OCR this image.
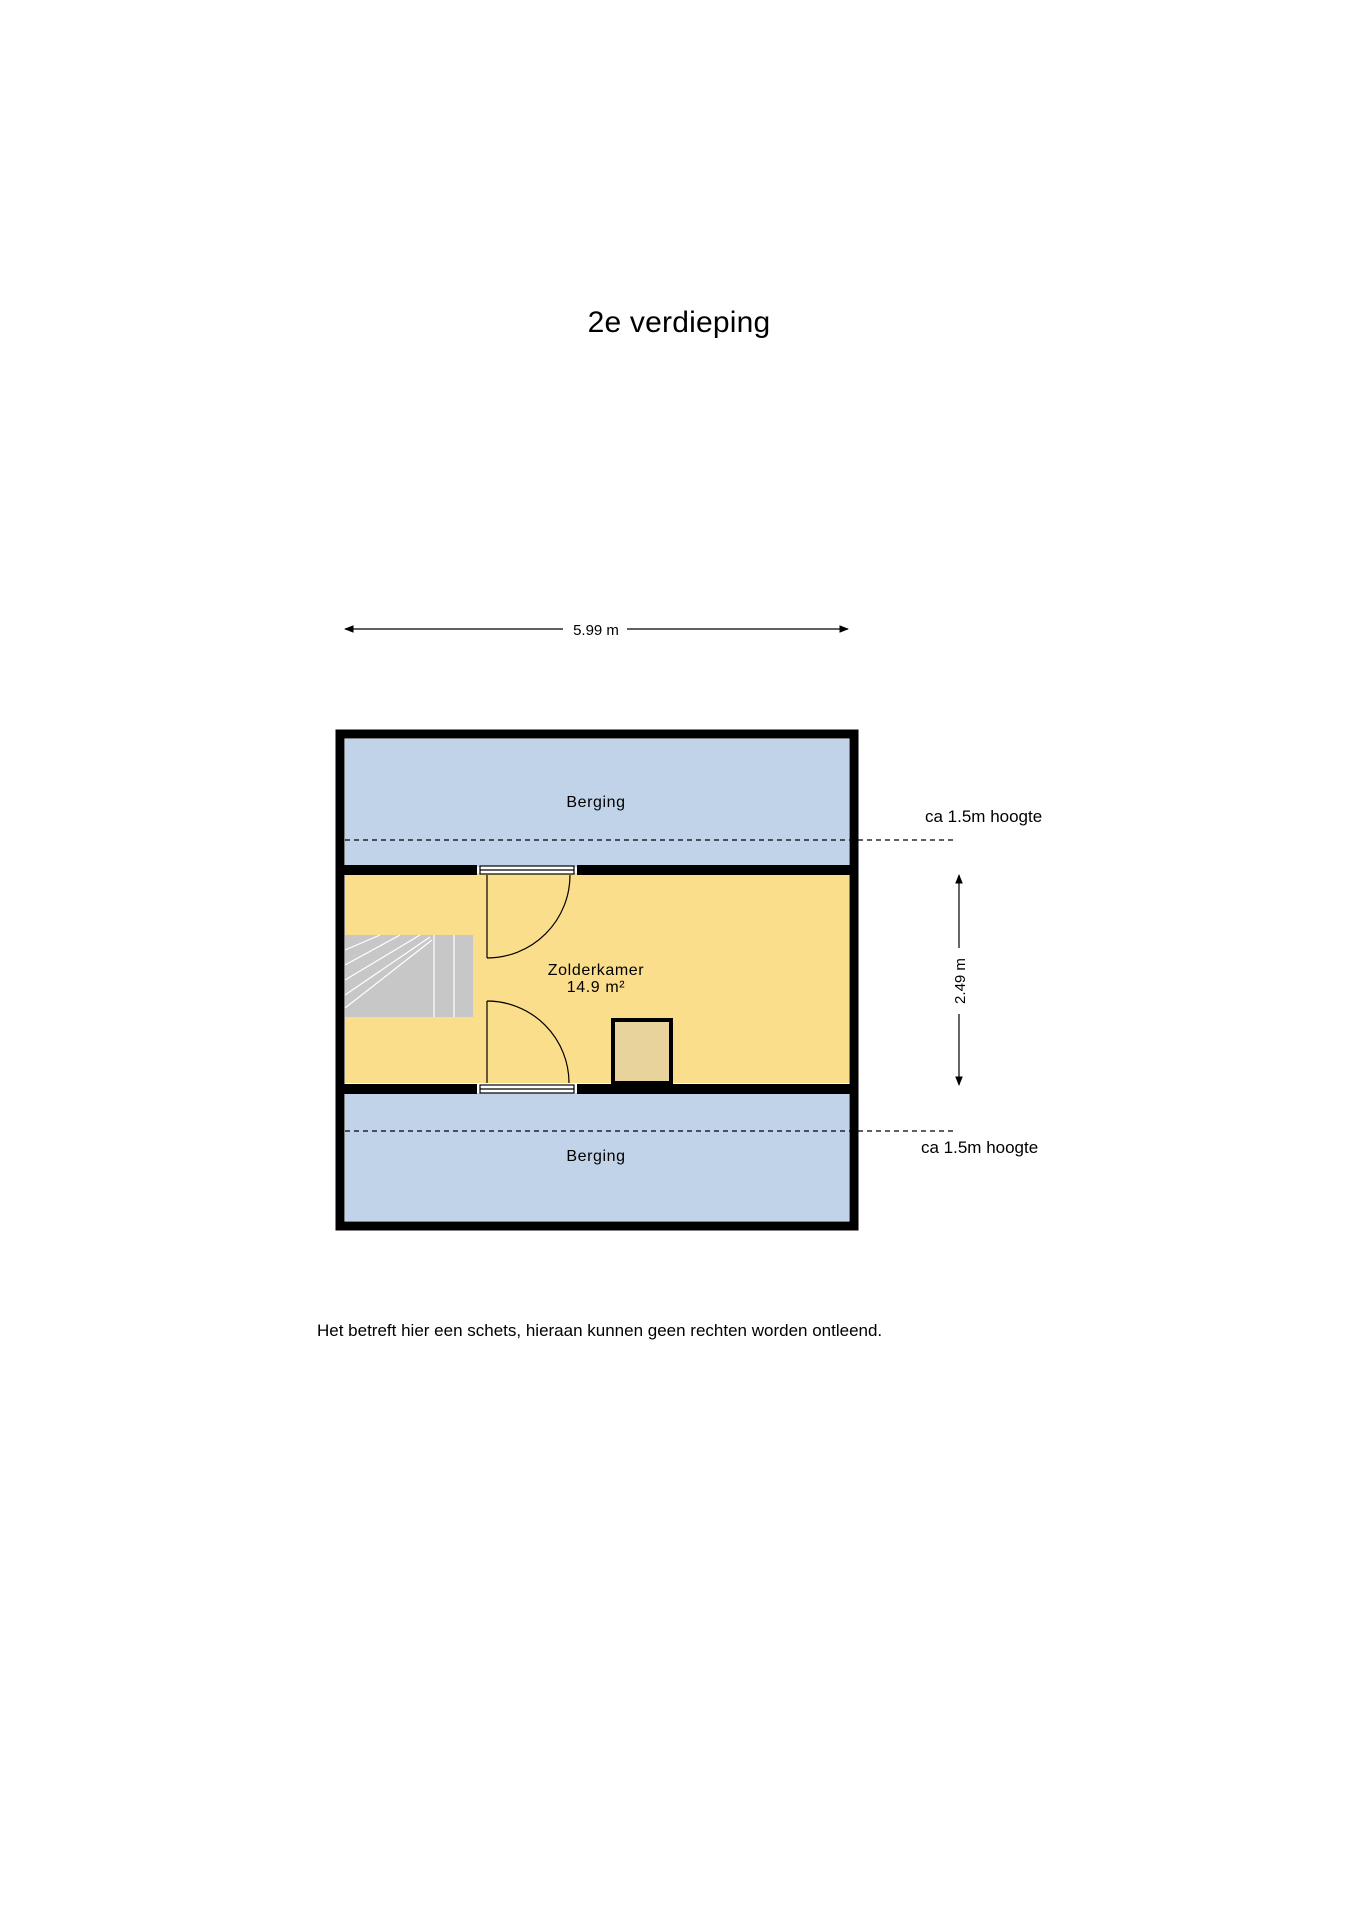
2e verdieping
5.99 m
2.49 m
Berging
Zolderkamer
14.9 m²
Berging
ca 1.5m hoogte
ca 1.5m hoogte
Het betreft hier een schets, hieraan kunnen geen rechten worden ontleend.
